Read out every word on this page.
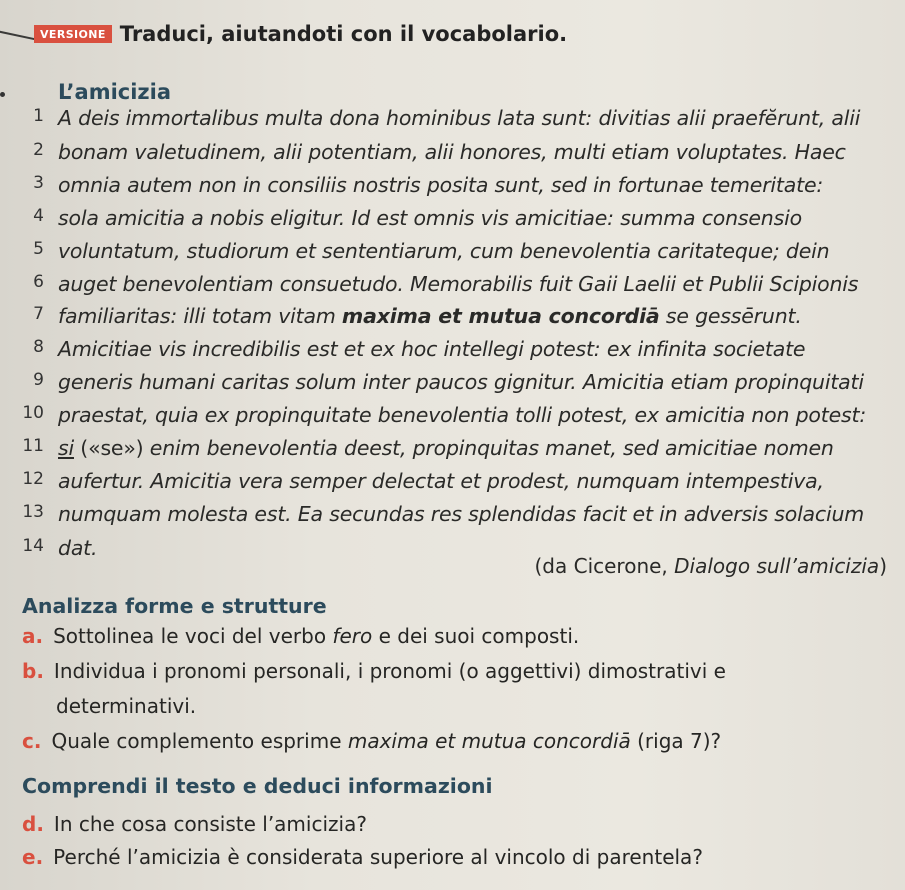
VERSIONE Traduci, aiutandoti con il vocabolario.
L’amicizia
1 A deis immortalibus multa dona hominibus lata sunt: divitias alii praefĕrunt, alii
2 bonam valetudinem, alii potentiam, alii honores, multi etiam voluptates. Haec
3 omnia autem non in consiliis nostris posita sunt, sed in fortunae temeritate:
4 sola amicitia a nobis eligitur. Id est omnis vis amicitiae: summa consensio
5 voluntatum, studiorum et sententiarum, cum benevolentia caritateque; dein
6 auget benevolentiam consuetudo. Memorabilis fuit Gaii Laelii et Publii Scipionis
7 familiaritas: illi totam vitam maxima et mutua concordiā se gessērunt.
8 Amicitiae vis incredibilis est et ex hoc intellegi potest: ex infinita societate
9 generis humani caritas solum inter paucos gignitur. Amicitia etiam propinquitati
10 praestat, quia ex propinquitate benevolentia tolli potest, ex amicitia non potest:
11 si («se») enim benevolentia deest, propinquitas manet, sed amicitiae nomen
12 aufertur. Amicitia vera semper delectat et prodest, numquam intempestiva,
13 numquam molesta est. Ea secundas res splendidas facit et in adversis solacium
14 dat.
(da Cicerone, Dialogo sull’amicizia)
Analizza forme e strutture
a. Sottolinea le voci del verbo fero e dei suoi composti.
b. Individua i pronomi personali, i pronomi (o aggettivi) dimostrativi e
determinativi.
c. Quale complemento esprime maxima et mutua concordiā (riga 7)?
Comprendi il testo e deduci informazioni
d. In che cosa consiste l’amicizia?
e. Perché l’amicizia è considerata superiore al vincolo di parentela?
